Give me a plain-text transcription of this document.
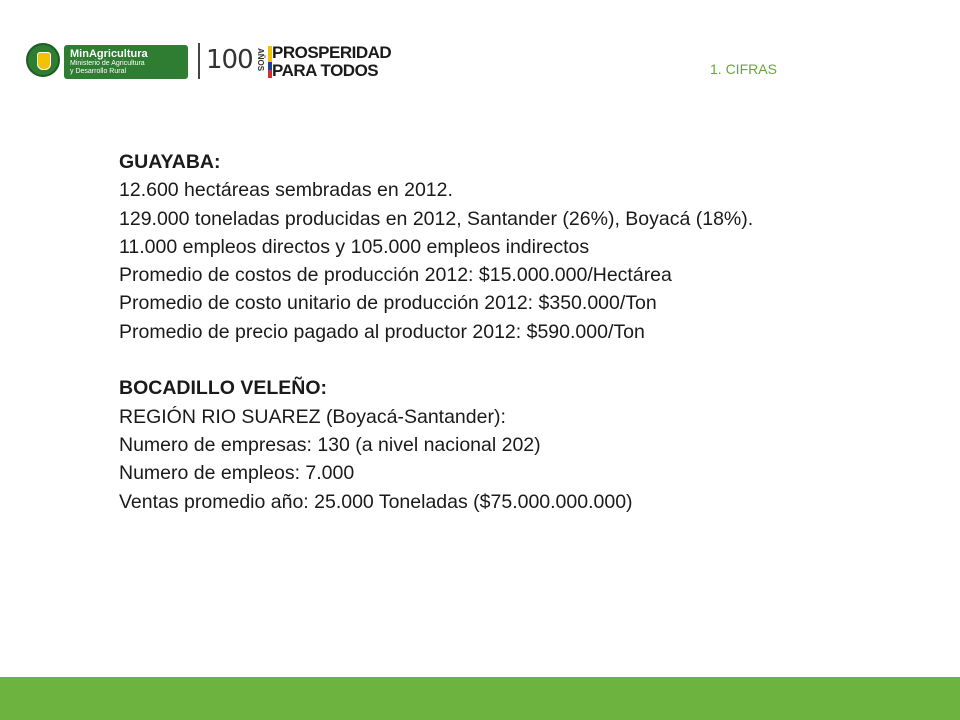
MinAgricultura
Ministerio de Agricultura
y Desarrollo Rural	100 AÑOS PROSPERIDAD
PARA TODOS	1. CIFRAS
GUAYABA:
12.600 hectáreas sembradas en 2012.
129.000 toneladas producidas en 2012, Santander (26%), Boyacá (18%).
11.000 empleos directos y 105.000 empleos indirectos
Promedio de costos de producción 2012: $15.000.000/Hectárea
Promedio de costo unitario de producción 2012: $350.000/Ton
Promedio de precio pagado al productor 2012: $590.000/Ton
BOCADILLO VELEÑO:
REGIÓN RIO SUAREZ (Boyacá-Santander):
Numero de empresas: 130 (a nivel nacional 202)
Numero de empleos: 7.000
Ventas promedio año: 25.000 Toneladas ($75.000.000.000)
